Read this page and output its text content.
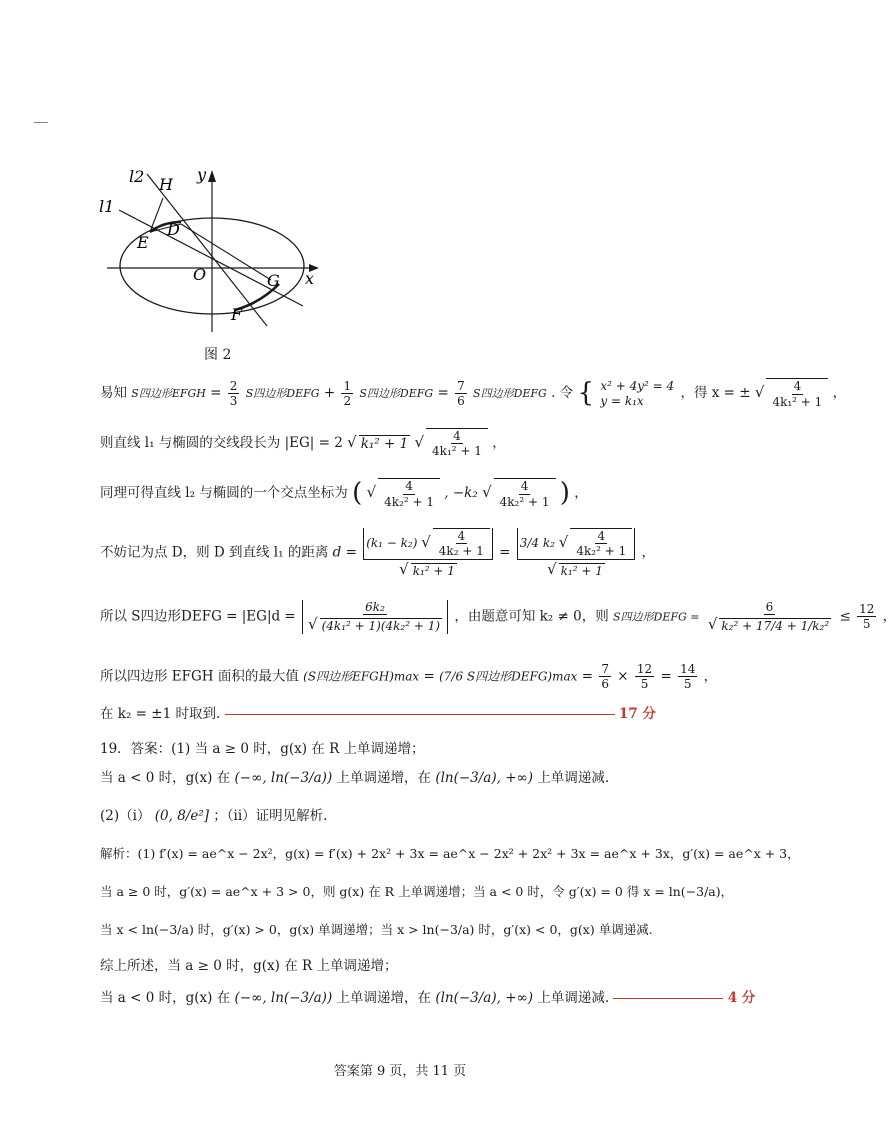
l2 H
y
l1
E
D
O	G x
F
图 2
易知 S四边形EFGH = $\frac{2}{3}$ S四边形DEFG + $\frac{1}{2}$ S四边形DEFG = $\frac{7}{6}$ S四边形DEFG . 令 { x² + 4y² = 4
y = k₁x	，得 x = ± √ $\frac{4}{\text{4k₁² + 1}}$ ，
则直线 l₁ 与椭圆的交线段长为 |EG| = 2 √ k₁² + 1 √ $\frac{4}{\text{4k₁² + 1}}$ ，
同理可得直线 l₂ 与椭圆的一个交点坐标为 ( √ $\frac{4}{\text{4k₂² + 1}}$ , −k₂ √ $\frac{4}{\text{4k₂² + 1}}$ ) ，
不妨记为点 D，则 D 到直线 l₁ 的距离 d = (k₁ − k₂) √ $\frac{4}{\text{4k₂ + 1}}$
√ k₁² + 1 = 3/4 k₂ √ $\frac{4}{\text{4k₂² + 1}}$
√ k₁² + 1 ，
所以 S四边形DEFG = |EG|d = 6k₂
√ (4k₁² + 1)(4k₂² + 1) ，由题意可知 k₂ ≠ 0，则 S四边形DEFG = 6
√ $k_2^2 + 17/4 + 1/k_2^2 \le \frac{12}{5}$ ，
所以四边形 EFGH 面积的最大值 (S四边形EFGH)max = (7/6 S四边形DEFG)max = $\frac{7}{6} \times \frac{12}{5} = \frac{14}{5}$ ，
在 k₂ = ±1 时取到.	17 分
19．答案：(1) 当 a ≥ 0 时，g(x) 在 R 上单调递增；
当 a < 0 时，g(x) 在 (−∞, ln(−3/a)) 上单调递增，在 (ln(−3/a), +∞) 上单调递减.
(2)（i） (0, 8/e²] ；（ii）证明见解析.
解析：(1) f′(x) = ae^x − 2x²，g(x) = f′(x) + 2x² + 3x = ae^x − 2x² + 2x² + 3x = ae^x + 3x，g′(x) = ae^x + 3，
当 a ≥ 0 时，g′(x) = ae^x + 3 > 0，则 g(x) 在 R 上单调递增；当 a < 0 时，令 g′(x) = 0 得 x = ln(−3/a)，
当 x < ln(−3/a) 时，g′(x) > 0，g(x) 单调递增；当 x > ln(−3/a) 时，g′(x) < 0，g(x) 单调递减.
综上所述，当 a ≥ 0 时，g(x) 在 R 上单调递增；
当 a < 0 时，g(x) 在 (−∞, ln(−3/a)) 上单调递增，在 (ln(−3/a), +∞) 上单调递减.	4 分
答案第 9 页，共 11 页
